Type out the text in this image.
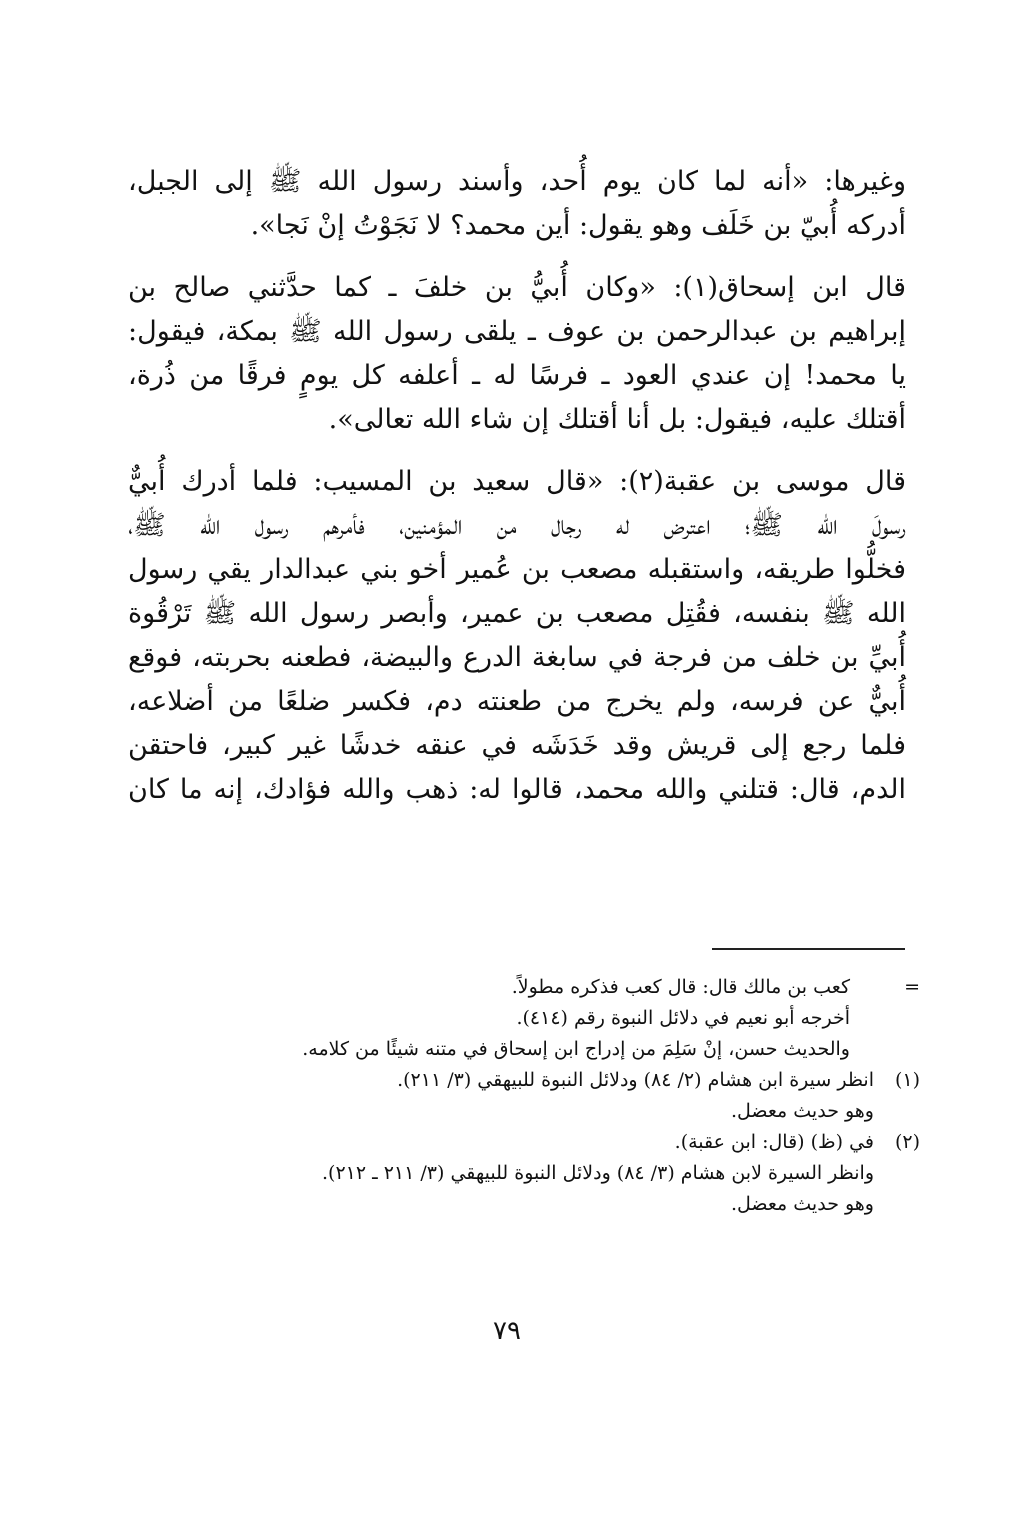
وغيرها: «أنه لما كان يوم أُحد، وأسند رسول الله ﷺ إلى الجبل،
أدركه أُبيّ بن خَلَف وهو يقول: أين محمد؟ لا نَجَوْتُ إنْ نَجا».
قال ابن إسحاق(١): «وكان أُبيُّ بن خلفَ ـ كما حدَّثني صالح بن
إبراهيم بن عبدالرحمن بن عوف ـ يلقى رسول الله ﷺ بمكة، فيقول:
يا محمد! إن عندي العود ـ فرسًا له ـ أعلفه كل يومٍ فرقًا من ذُرة،
أقتلك عليه، فيقول: بل أنا أقتلك إن شاء الله تعالى».
قال موسى بن عقبة(٢): «قال سعيد بن المسيب: فلما أدرك أُبيٌّ
رسولَ الله ﷺ؛ اعترض له رجال من المؤمنين، فأمرهم رسول الله ﷺ،
فخلُّوا طريقه، واستقبله مصعب بن عُمير أخو بني عبدالدار يقي رسول
الله ﷺ بنفسه، فقُتِل مصعب بن عمير، وأبصر رسول الله ﷺ تَرْقُوة
أُبيِّ بن خلف من فرجة في سابغة الدرع والبيضة، فطعنه بحربته، فوقع
أُبيٌّ عن فرسه، ولم يخرج من طعنته دم، فكسر ضلعًا من أضلاعه،
فلما رجع إلى قريش وقد خَدَشَه في عنقه خدشًا غير كبير، فاحتقن
الدم، قال: قتلني والله محمد، قالوا له: ذهب والله فؤادك، إنه ما كان
=
كعب بن مالك قال: قال كعب فذكره مطولاً.
أخرجه أبو نعيم في دلائل النبوة رقم (٤١٤).
والحديث حسن، إنْ سَلِمَ من إدراج ابن إسحاق في متنه شيئًا من كلامه.
(١)
انظر سيرة ابن هشام (٢/ ٨٤) ودلائل النبوة للبيهقي (٣/ ٢١١).
وهو حديث معضل.
(٢)
في (ظ) (قال: ابن عقبة).
وانظر السيرة لابن هشام (٣/ ٨٤) ودلائل النبوة للبيهقي (٣/ ٢١١ ـ ٢١٢).
وهو حديث معضل.
٧٩
